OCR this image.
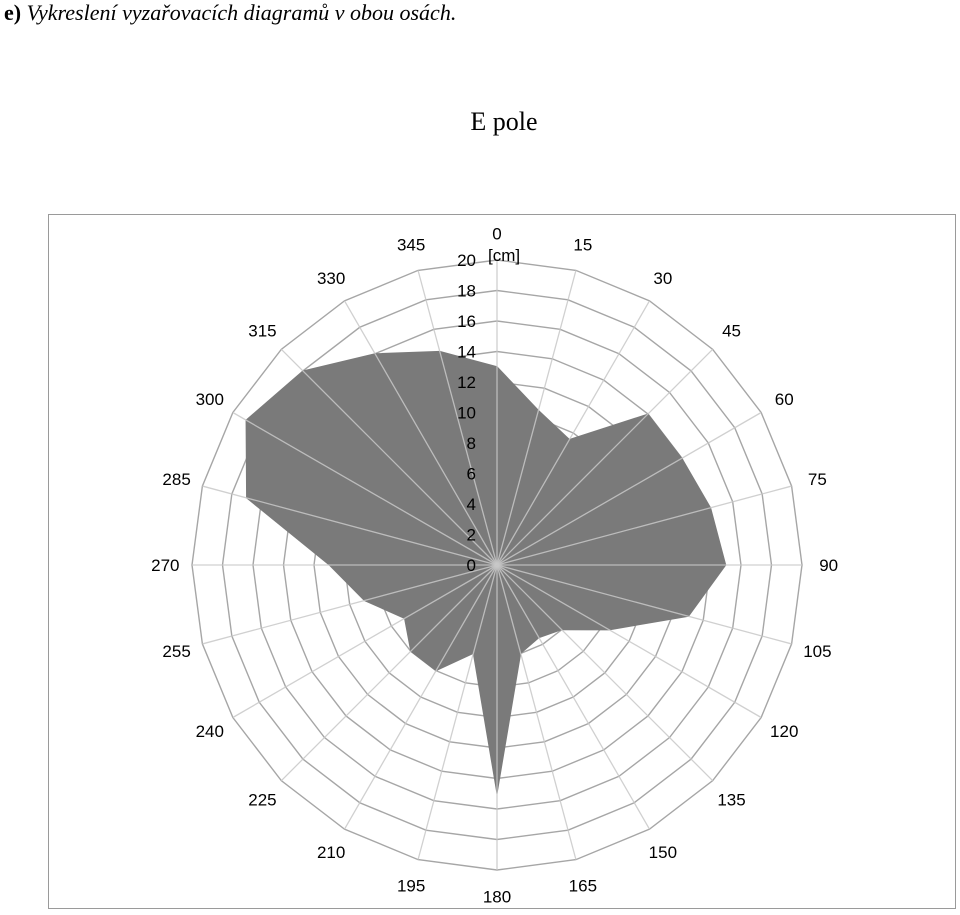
e) Vykreslení vyzařovacích diagramů v obou osách.
E pole
0
15
30
45
60
75
90
105
120
135
150
165
180
195
210
225
240
255
270
285
300
315
330
345
0
2
4
6
8
10
12
14
16
18
20 [cm]
